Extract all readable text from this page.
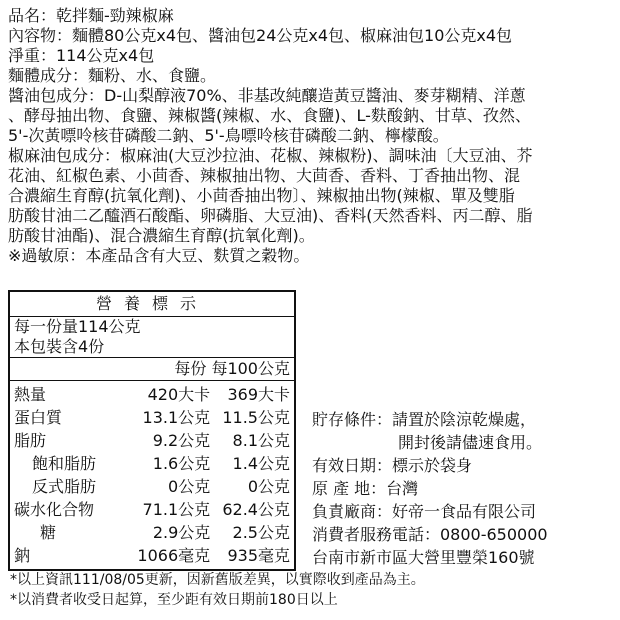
品名：乾拌麵-勁辣椒麻

內容物：麵體80公克x4包、醬油包24公克x4包、椒麻油包10公克x4包

淨重：114公克x4包

麵體成分：麵粉、水、食鹽。

醬油包成分：D-山梨醇液70%、非基改純釀造黃豆醬油、麥芽糊精、洋蔥
、酵母抽出物、食鹽、辣椒醬(辣椒、水、食鹽)、L-麩酸鈉、甘草、孜然、
5'-次黃嘌呤核苷磷酸二鈉、5'-鳥嘌呤核苷磷酸二鈉、檸檬酸。

椒麻油包成分：椒麻油(大豆沙拉油、花椒、辣椒粉)、調味油〔大豆油、芥
花油、紅椒色素、小茴香、辣椒抽出物、大茴香、香料、丁香抽出物、混
合濃縮生育醇(抗氧化劑)、小茴香抽出物〕、辣椒抽出物(辣椒、單及雙脂
肪酸甘油二乙醯酒石酸酯、卵磷脂、大豆油)、香料(天然香料、丙二醇、脂
肪酸甘油酯)、混合濃縮生育醇(抗氧化劑)。

※過敏原：本產品含有大豆、麩質之穀物。

營養標示
每一份量114公克
本包裝含4份
每份 每100公克
熱量	420大卡	369大卡
蛋白質	13.1公克 11.5公克
脂肪	9.2公克	8.1公克
飽和脂肪	1.6公克	1.4公克
反式脂肪	0公克	0公克
碳水化合物	71.1公克 62.4公克
糖	2.9公克	2.5公克
鈉	1066毫克	935毫克
貯存條件：請置於陰涼乾燥處，
開封後請儘速食用。
有效日期：標示於袋身
原 產 地：台灣
負責廠商：好帝一食品有限公司
消費者服務電話：0800-650000
台南市新市區大營里豐榮160號
*以上資訊111/08/05更新，因新舊版差異，以實際收到產品為主。
*以消費者收受日起算，至少距有效日期前180日以上
